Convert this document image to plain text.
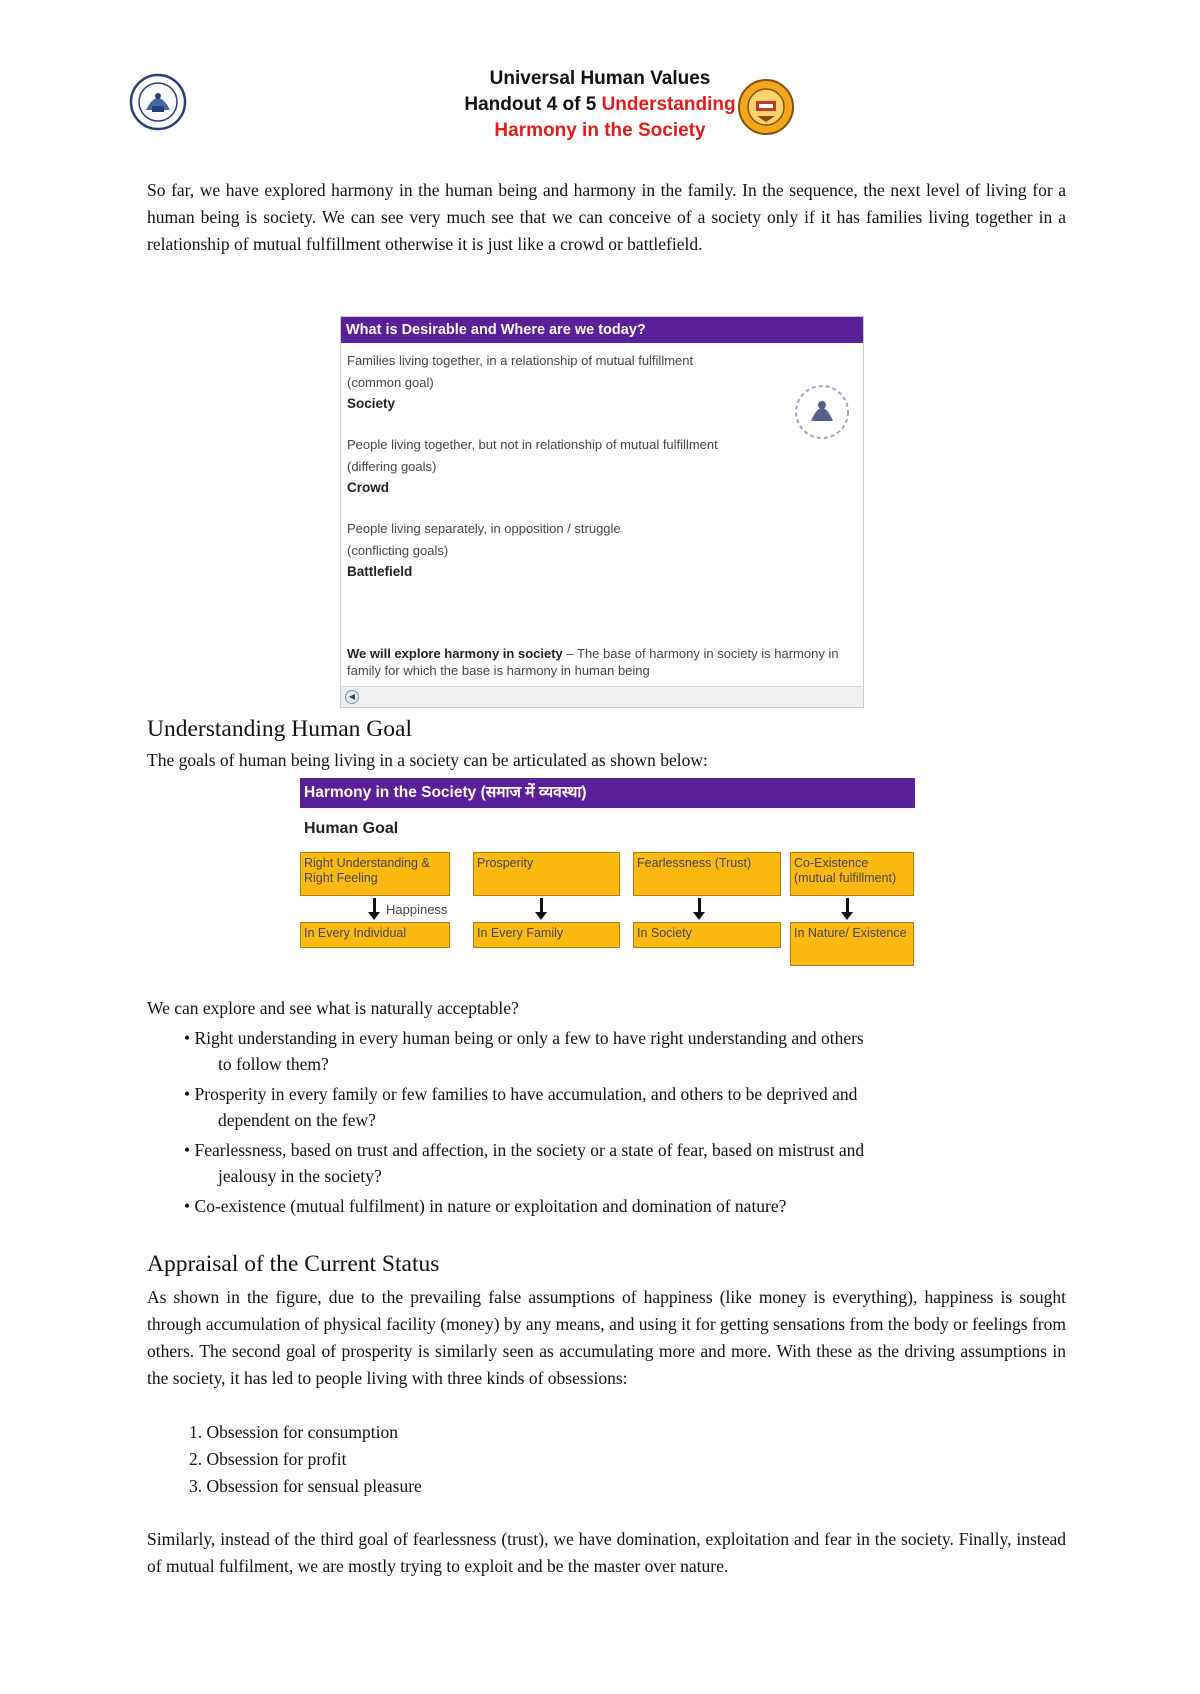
Universal Human Values
Handout 4 of 5 Understanding
Harmony in the Society

So far, we have explored harmony in the human being and harmony in the family. In the sequence, the next level of living for a human being is society. We can see very much see that we can conceive of a society only if it has families living together in a relationship of mutual fulfillment otherwise it is just like a crowd or battlefield.

What is Desirable and Where are we today?
Families living together, in a relationship of mutual fulfillment
(common goal)
Society
People living together, but not in relationship of mutual fulfillment
(differing goals)
Crowd
People living separately, in opposition / struggle
(conflicting goals)
Battlefield
We will explore harmony in society – The base of harmony in society is harmony in family for which the base is harmony in human being
◀
Understanding Human Goal

The goals of human being living in a society can be articulated as shown below:

Harmony in the Society (समाज में व्यवस्था)
Human Goal
Right Understanding & Right Feeling
Prosperity	Fearlessness (Trust)	Co-Existence (mutual fulfillment)
Happiness
In Every Individual	In Every Family	In Society	In Nature/ Existence

We can explore and see what is naturally acceptable?

• Right understanding in every human being or only a few to have right understanding and others
to follow them?
• Prosperity in every family or few families to have accumulation, and others to be deprived and
dependent on the few?
• Fearlessness, based on trust and affection, in the society or a state of fear, based on mistrust and
jealousy in the society?
• Co-existence (mutual fulfilment) in nature or exploitation and domination of nature?
Appraisal of the Current Status

As shown in the figure, due to the prevailing false assumptions of happiness (like money is everything), happiness is sought through accumulation of physical facility (money) by any means, and using it for getting sensations from the body or feelings from others. The second goal of prosperity is similarly seen as accumulating more and more. With these as the driving assumptions in the society, it has led to people living with three kinds of obsessions:

1. Obsession for consumption
2. Obsession for profit
3. Obsession for sensual pleasure

Similarly, instead of the third goal of fearlessness (trust), we have domination, exploitation and fear in the society. Finally, instead of mutual fulfilment, we are mostly trying to exploit and be the master over nature.
